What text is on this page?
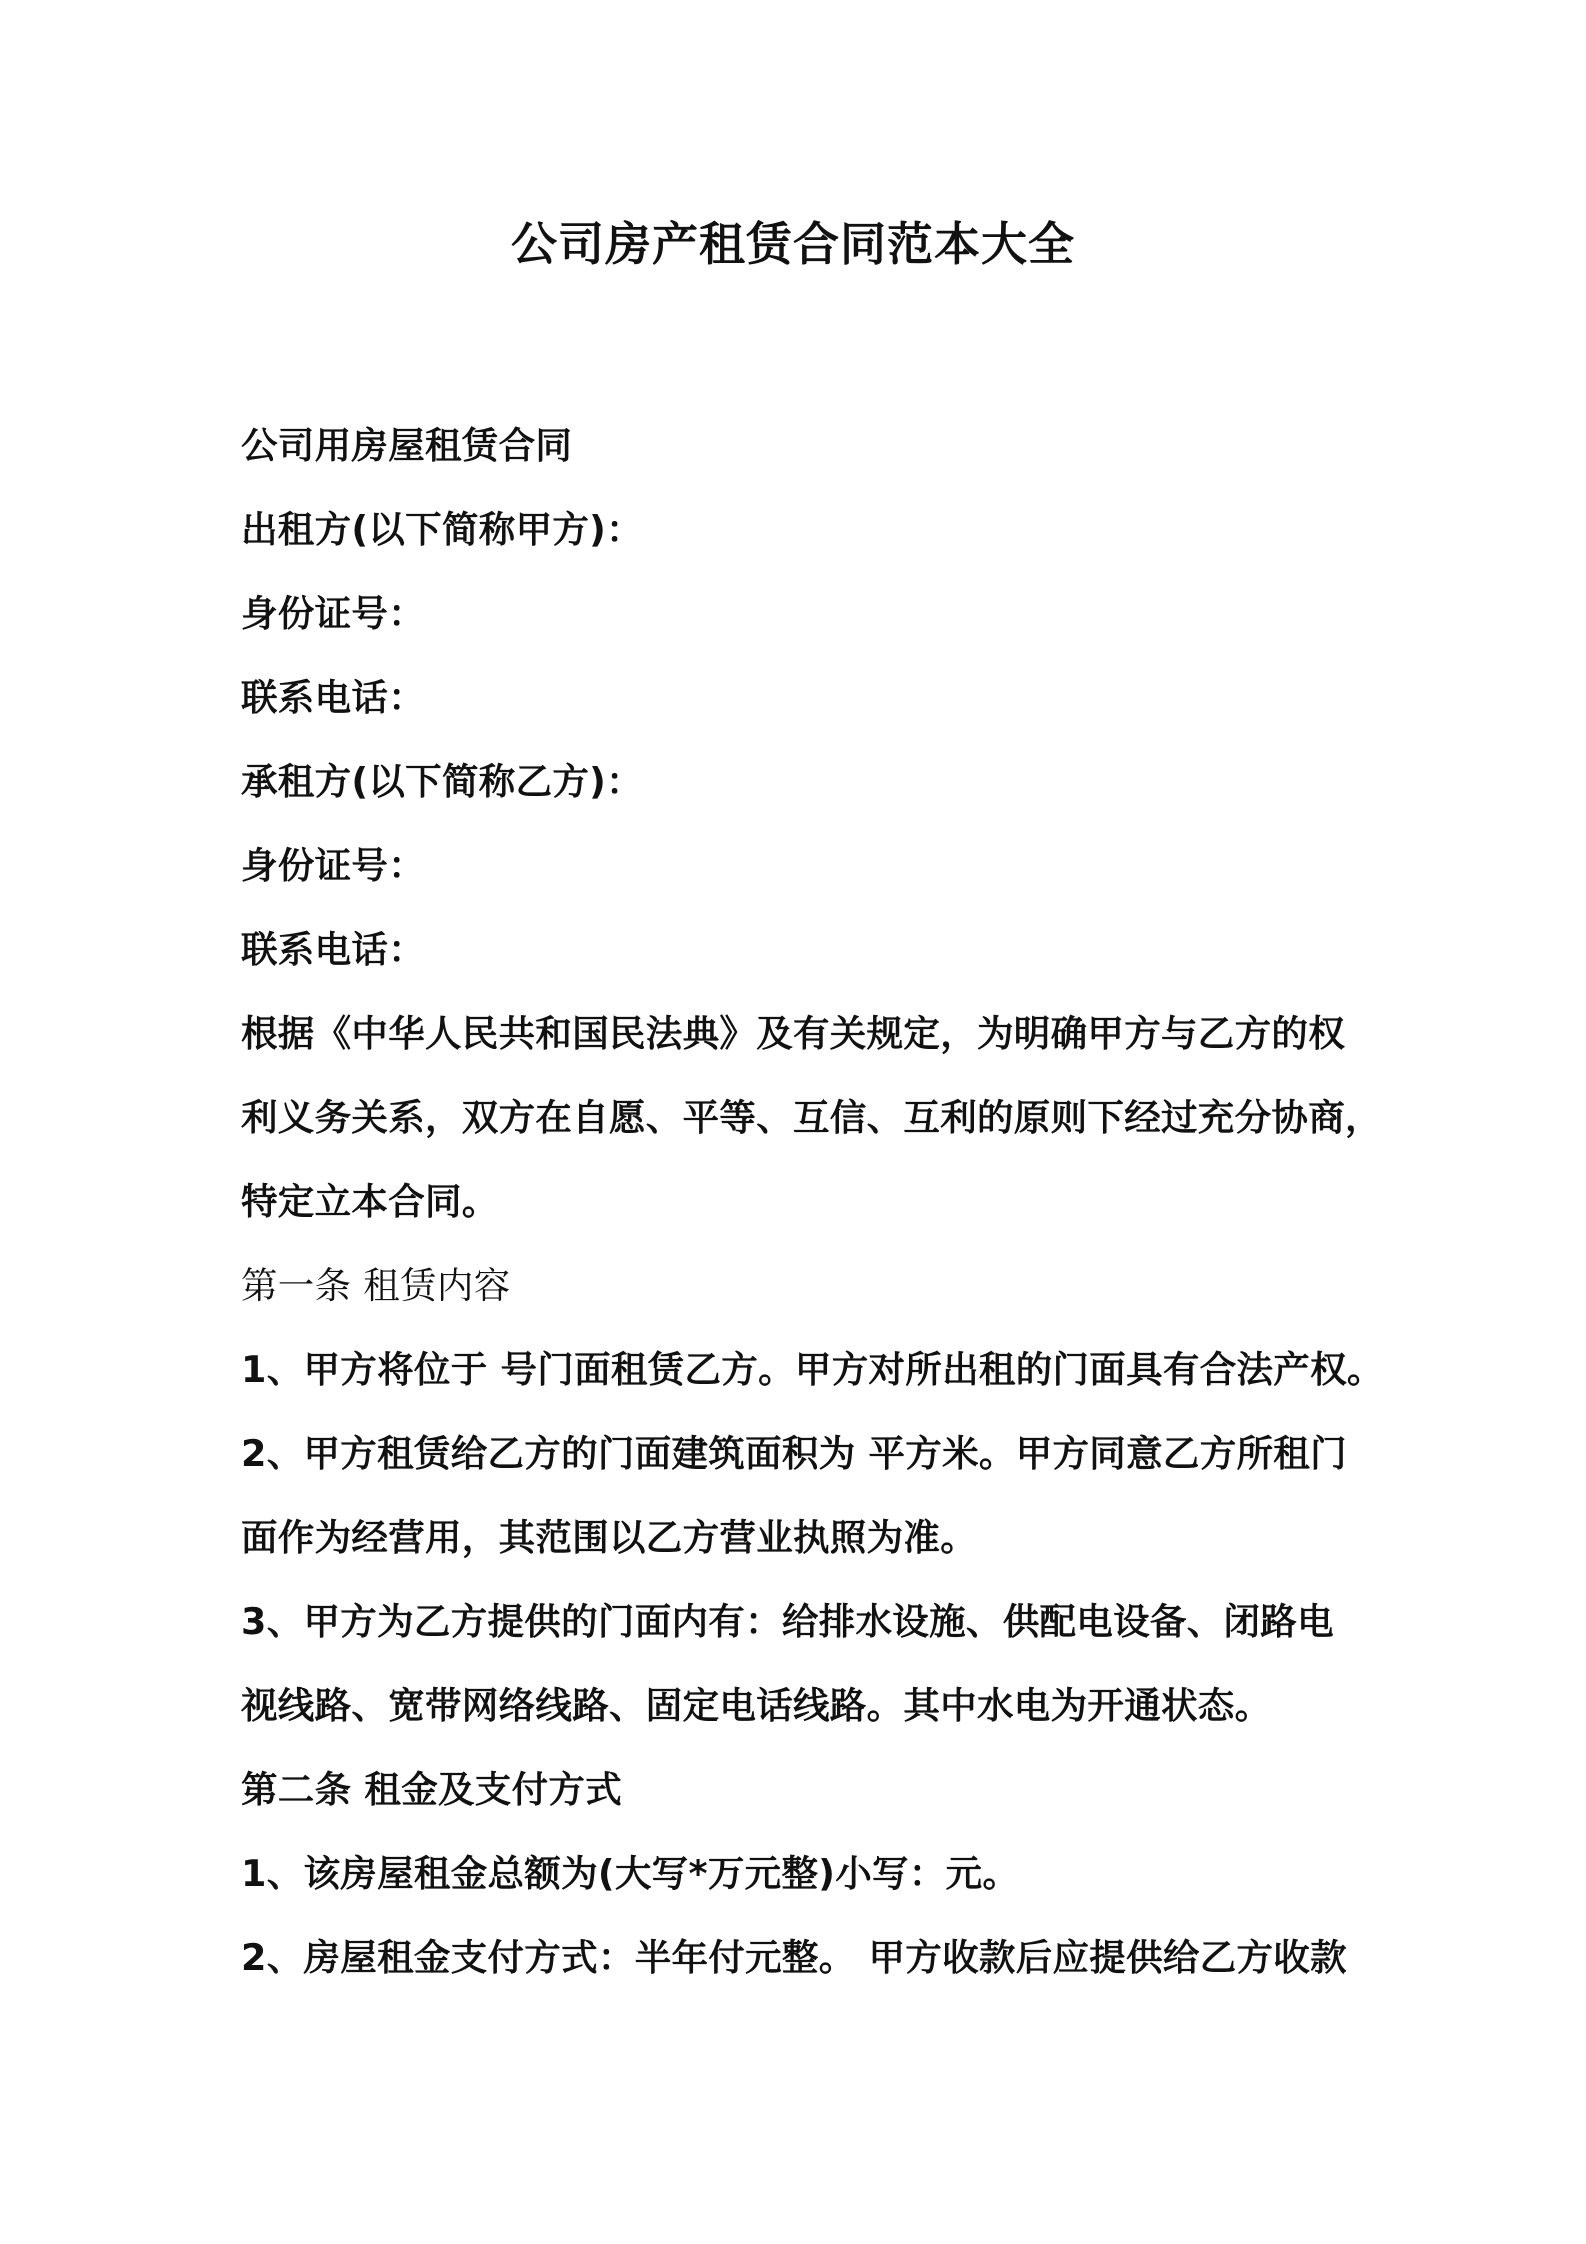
公司房产租赁合同范本大全
公司用房屋租赁合同
出租方(以下简称甲方)：
身份证号：
联系电话：
承租方(以下简称乙方)：
身份证号：
联系电话：
根据《中华人民共和国民法典》及有关规定，为明确甲方与乙方的权
利义务关系，双方在自愿、平等、互信、互利的原则下经过充分协商，
特定立本合同。
第一条 租赁内容
1、甲方将位于 号门面租赁乙方。甲方对所出租的门面具有合法产权。
2、甲方租赁给乙方的门面建筑面积为 平方米。甲方同意乙方所租门
面作为经营用，其范围以乙方营业执照为准。
3、甲方为乙方提供的门面内有：给排水设施、供配电设备、闭路电
视线路、宽带网络线路、固定电话线路。其中水电为开通状态。
第二条 租金及支付方式
1、该房屋租金总额为(大写*万元整)小写：元。
2、房屋租金支付方式：半年付元整。 甲方收款后应提供给乙方收款
